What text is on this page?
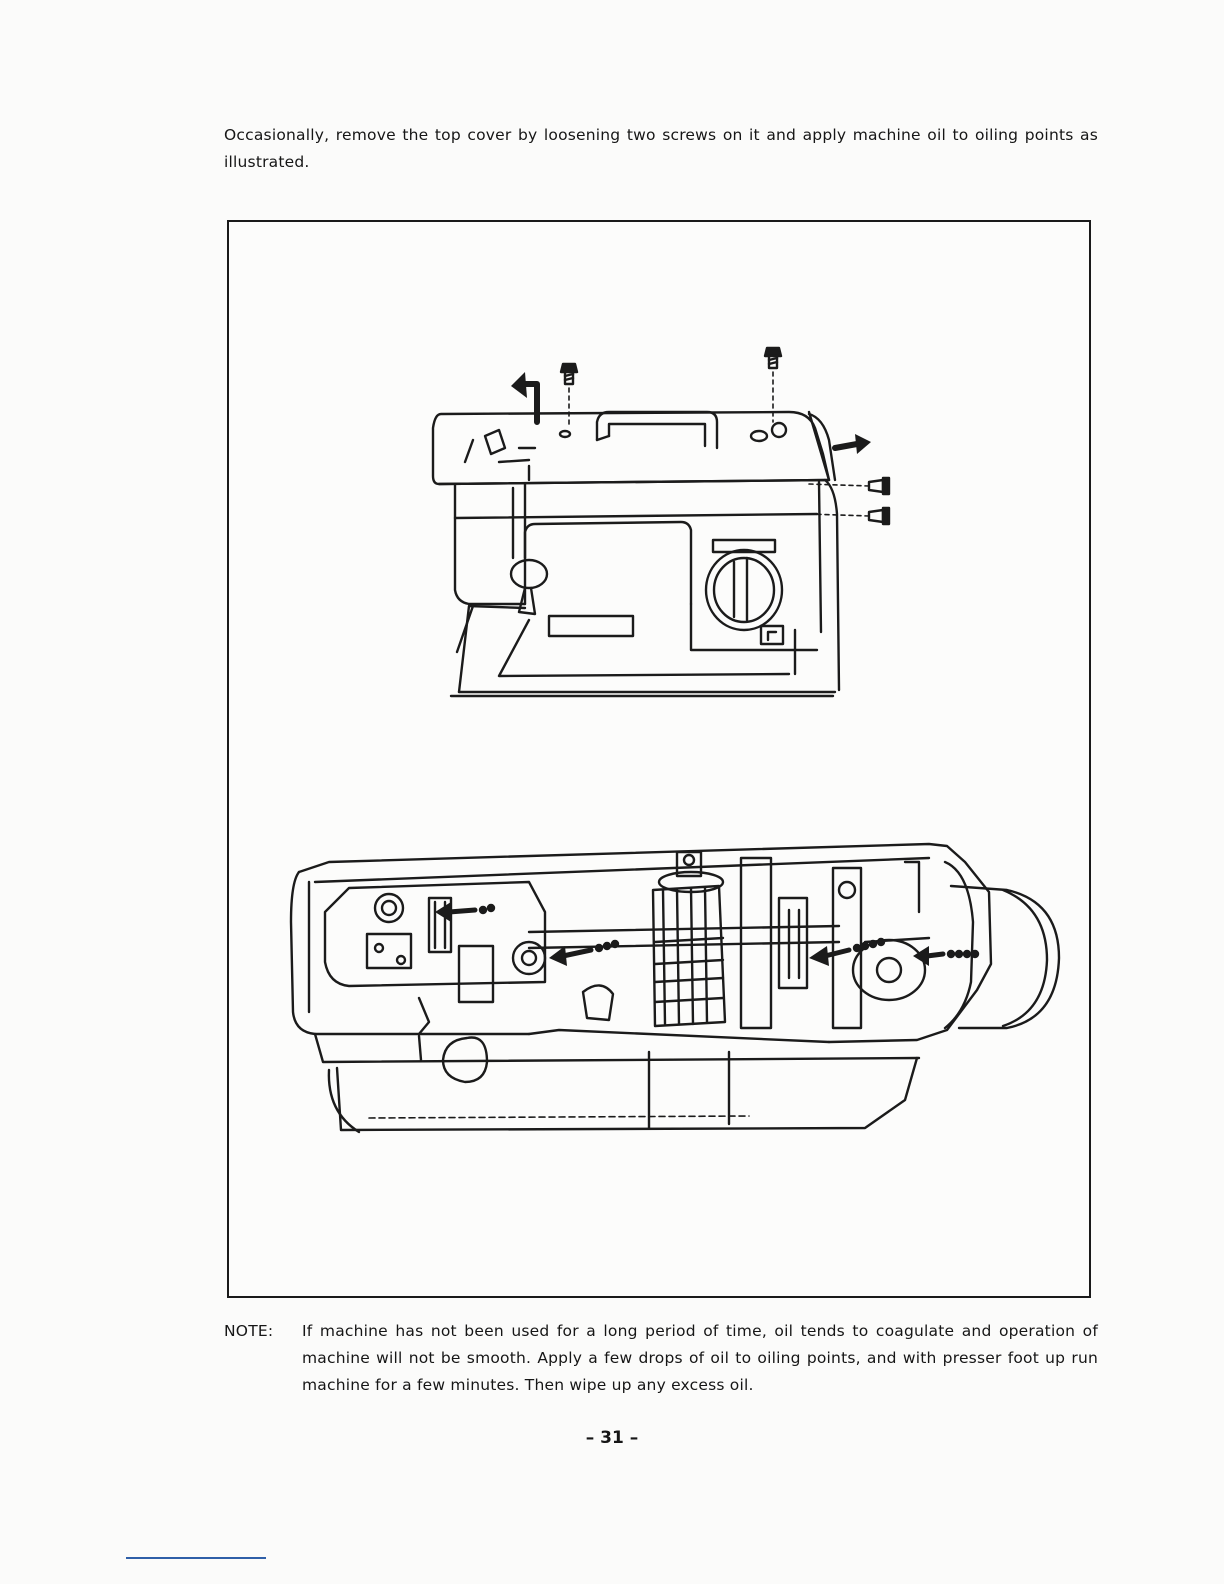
Occasionally, remove the top cover by loosening two screws on it and apply machine oil to oiling points as illustrated.

NOTE:	If machine has not been used for a long period of time, oil tends to coagulate and operation of machine will not be smooth. Apply a few drops of oil to oiling points, and with presser foot up run machine for a few minutes. Then wipe up any excess oil.
– 31 –
